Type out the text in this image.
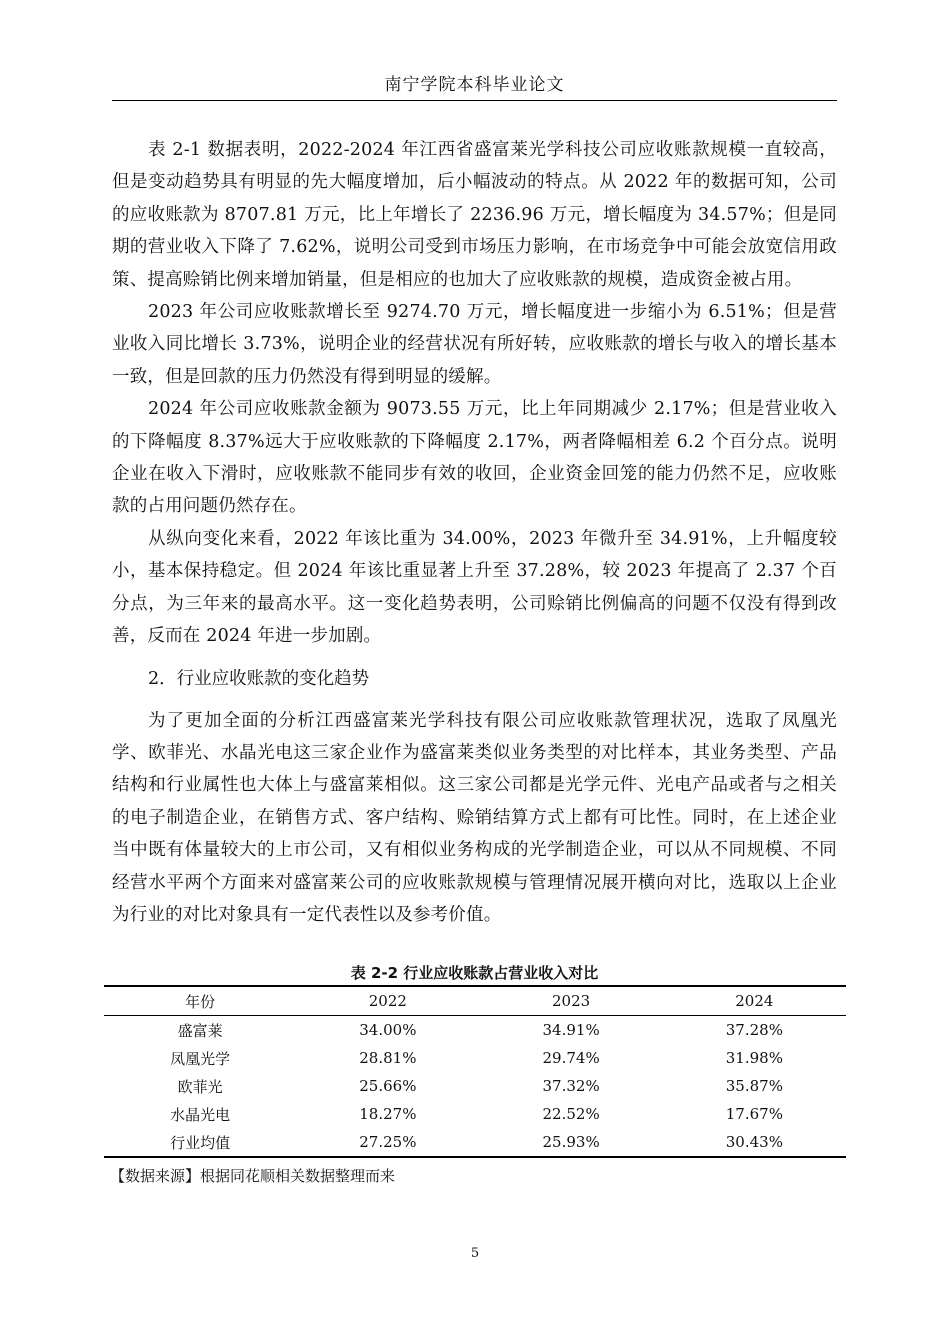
南宁学院本科毕业论文

表 2-1 数据表明，2022-2024 年江西省盛富莱光学科技公司应收账款规模一直较高，但是变动趋势具有明显的先大幅度增加，后小幅波动的特点。从 2022 年的数据可知，公司的应收账款为 8707.81 万元，比上年增长了 2236.96 万元，增长幅度为 34.57%；但是同期的营业收入下降了 7.62%，说明公司受到市场压力影响，在市场竞争中可能会放宽信用政策、提高赊销比例来增加销量，但是相应的也加大了应收账款的规模，造成资金被占用。

2023 年公司应收账款增长至 9274.70 万元，增长幅度进一步缩小为 6.51%；但是营业收入同比增长 3.73%，说明企业的经营状况有所好转，应收账款的增长与收入的增长基本一致，但是回款的压力仍然没有得到明显的缓解。

2024 年公司应收账款金额为 9073.55 万元，比上年同期减少 2.17%；但是营业收入的下降幅度 8.37%远大于应收账款的下降幅度 2.17%，两者降幅相差 6.2 个百分点。说明企业在收入下滑时，应收账款不能同步有效的收回，企业资金回笼的能力仍然不足，应收账款的占用问题仍然存在。

从纵向变化来看，2022 年该比重为 34.00%，2023 年微升至 34.91%，上升幅度较小，基本保持稳定。但 2024 年该比重显著上升至 37.28%，较 2023 年提高了 2.37 个百分点，为三年来的最高水平。这一变化趋势表明，公司赊销比例偏高的问题不仅没有得到改善，反而在 2024 年进一步加剧。

2．行业应收账款的变化趋势

为了更加全面的分析江西盛富莱光学科技有限公司应收账款管理状况，选取了凤凰光学、欧菲光、水晶光电这三家企业作为盛富莱类似业务类型的对比样本，其业务类型、产品结构和行业属性也大体上与盛富莱相似。这三家公司都是光学元件、光电产品或者与之相关的电子制造企业，在销售方式、客户结构、赊销结算方式上都有可比性。同时，在上述企业当中既有体量较大的上市公司，又有相似业务构成的光学制造企业，可以从不同规模、不同经营水平两个方面来对盛富莱公司的应收账款规模与管理情况展开横向对比，选取以上企业为行业的对比对象具有一定代表性以及参考价值。

表 2-2 行业应收账款占营业收入对比
年份	2022	2023	2024
盛富莱	34.00%	34.91%	37.28%
凤凰光学	28.81%	29.74%	31.98%
欧菲光	25.66%	37.32%	35.87%
水晶光电	18.27%	22.52%	17.67%
行业均值	27.25%	25.93%	30.43%
【数据来源】根据同花顺相关数据整理而来
5
